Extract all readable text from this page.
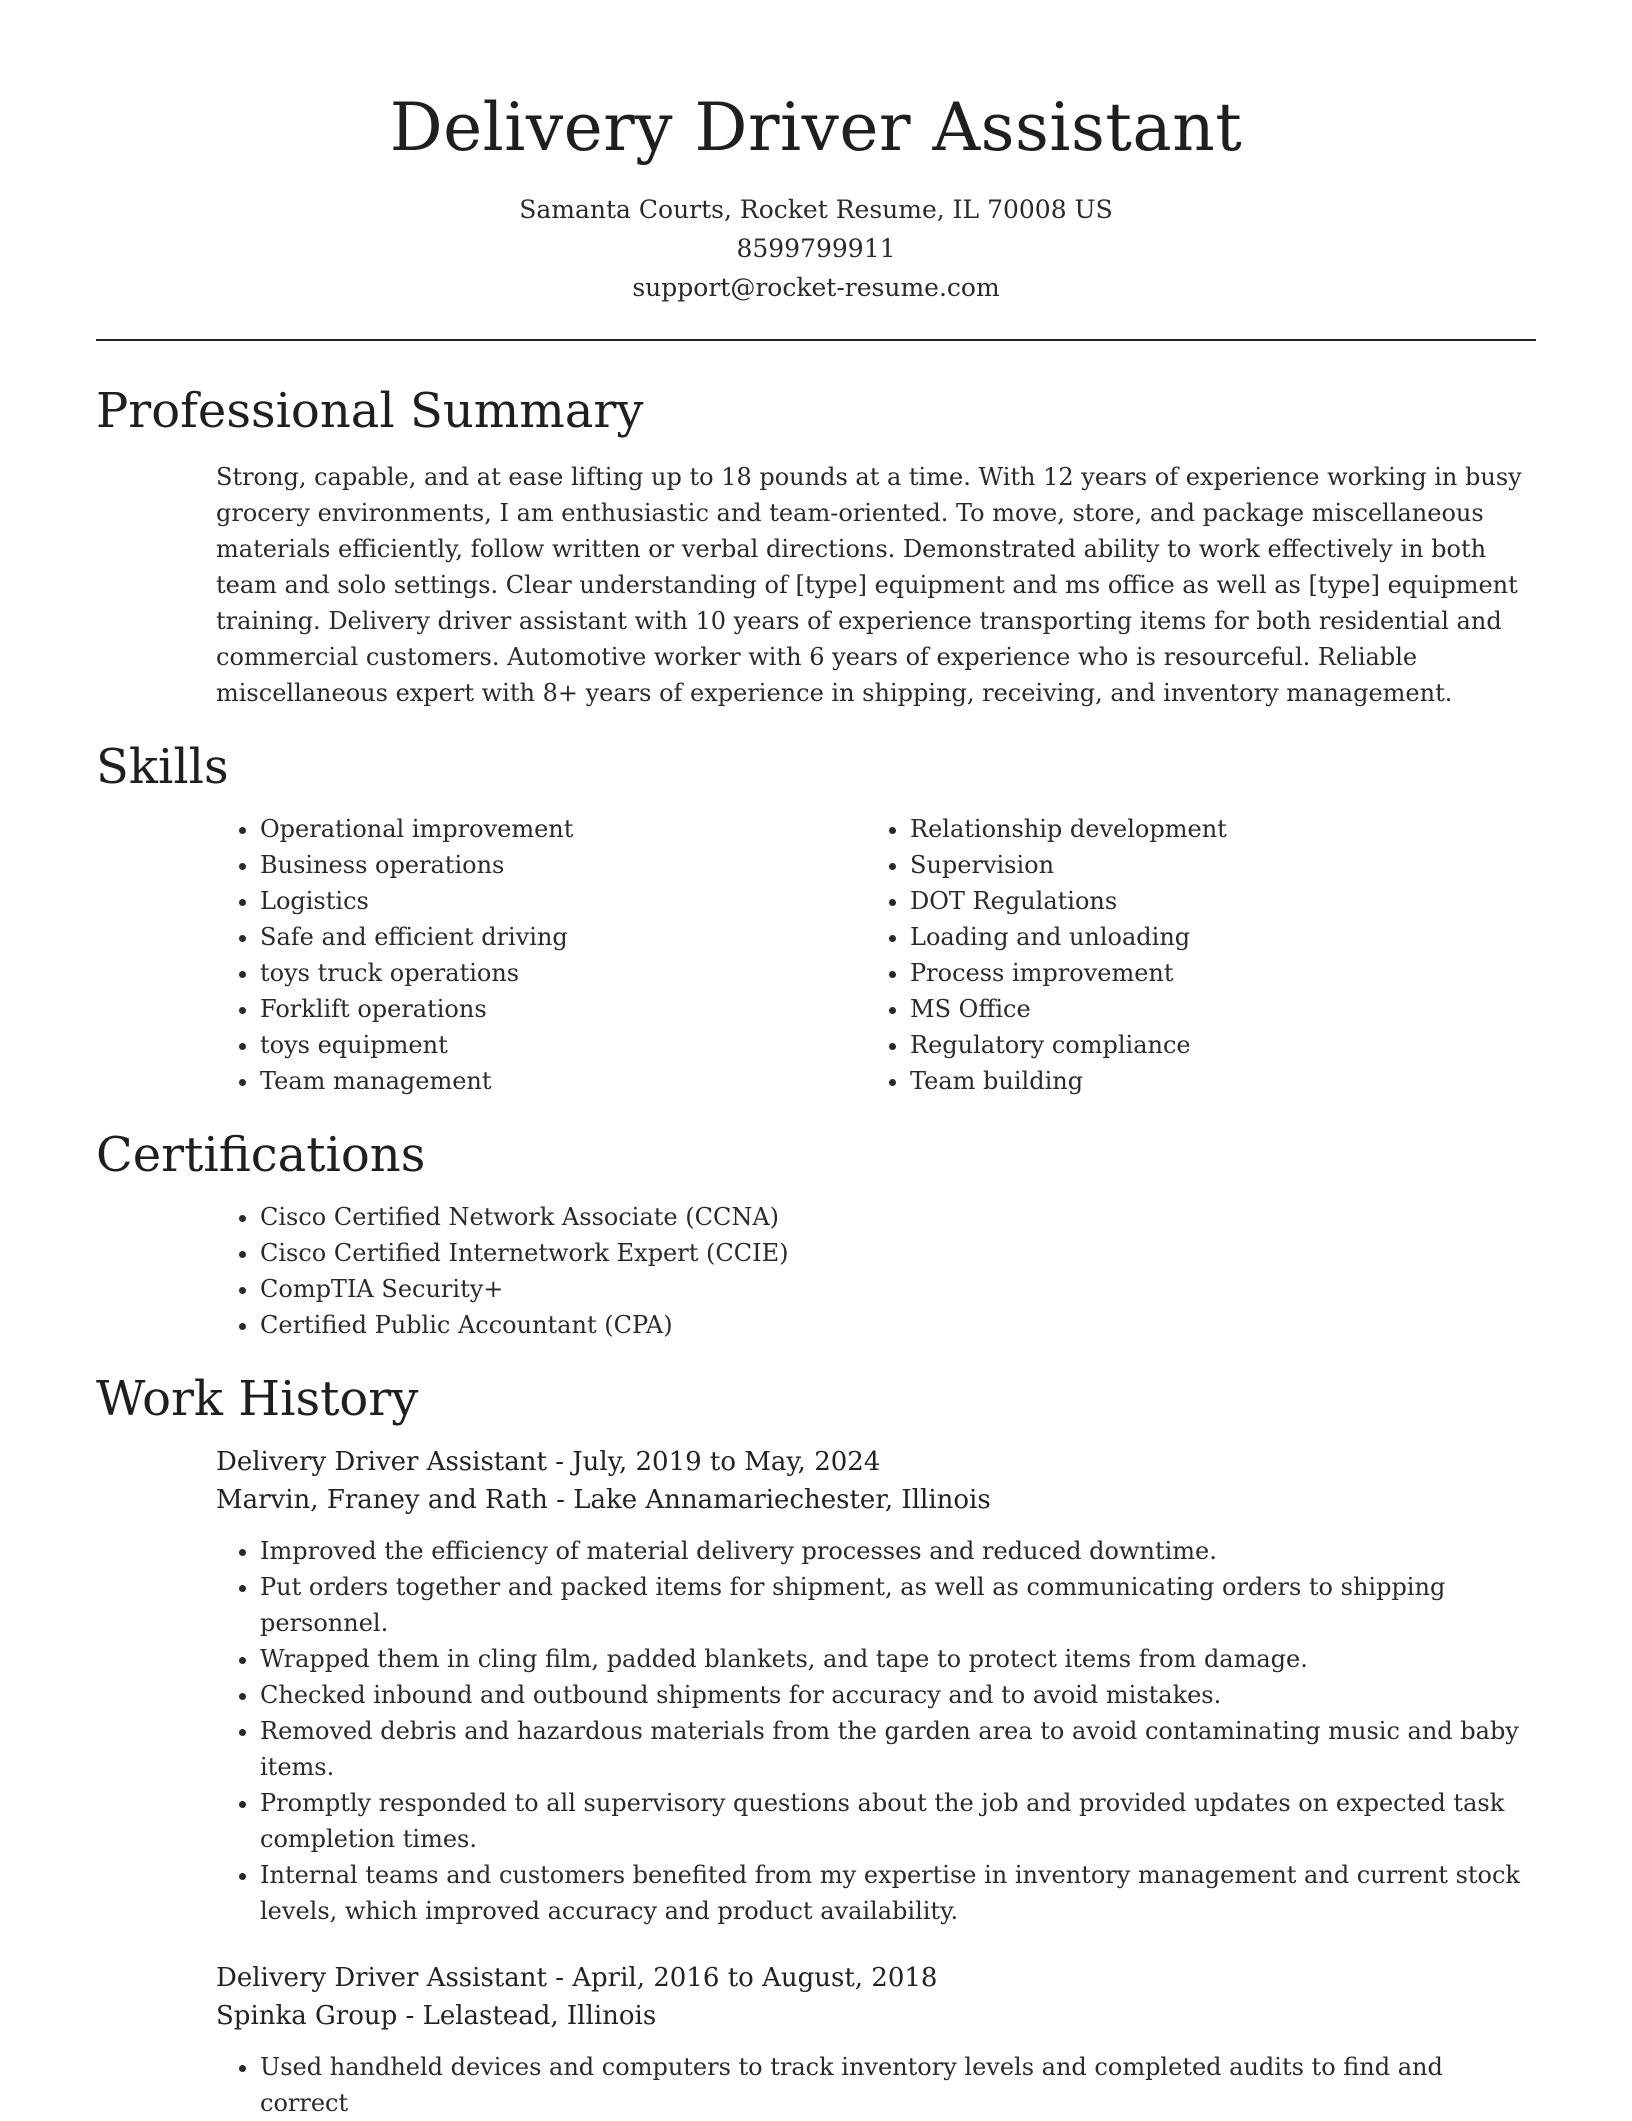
Delivery Driver Assistant
Samanta Courts, Rocket Resume, IL 70008 US
8599799911
support@rocket-resume.com
Professional Summary

Strong, capable, and at ease lifting up to 18 pounds at a time. With 12 years of experience working in busy grocery environments, I am enthusiastic and team-oriented. To move, store, and package miscellaneous materials efficiently, follow written or verbal directions. Demonstrated ability to work effectively in both team and solo settings. Clear understanding of [type] equipment and ms office as well as [type] equipment training. Delivery driver assistant with 10 years of experience transporting items for both residential and commercial customers. Automotive worker with 6 years of experience who is resourceful. Reliable miscellaneous expert with 8+ years of experience in shipping, receiving, and inventory management.

Skills
• Operational improvement
• Business operations
• Logistics
• Safe and efficient driving
• toys truck operations
• Forklift operations
• toys equipment
• Team management
• Relationship development
• Supervision
• DOT Regulations
• Loading and unloading
• Process improvement
• MS Office
• Regulatory compliance
• Team building
Certifications
• Cisco Certified Network Associate (CCNA)
• Cisco Certified Internetwork Expert (CCIE)
• CompTIA Security+
• Certified Public Accountant (CPA)
Work History
Delivery Driver Assistant - July, 2019 to May, 2024
Marvin, Franey and Rath - Lake Annamariechester, Illinois
• Improved the efficiency of material delivery processes and reduced downtime.
• Put orders together and packed items for shipment, as well as communicating orders to shipping personnel.
• Wrapped them in cling film, padded blankets, and tape to protect items from damage.
• Checked inbound and outbound shipments for accuracy and to avoid mistakes.
• Removed debris and hazardous materials from the garden area to avoid contaminating music and baby items.
• Promptly responded to all supervisory questions about the job and provided updates on expected task completion times.
• Internal teams and customers benefited from my expertise in inventory management and current stock levels, which improved accuracy and product availability.
Delivery Driver Assistant - April, 2016 to August, 2018
Spinka Group - Lelastead, Illinois
• Used handheld devices and computers to track inventory levels and completed audits to find and correct
